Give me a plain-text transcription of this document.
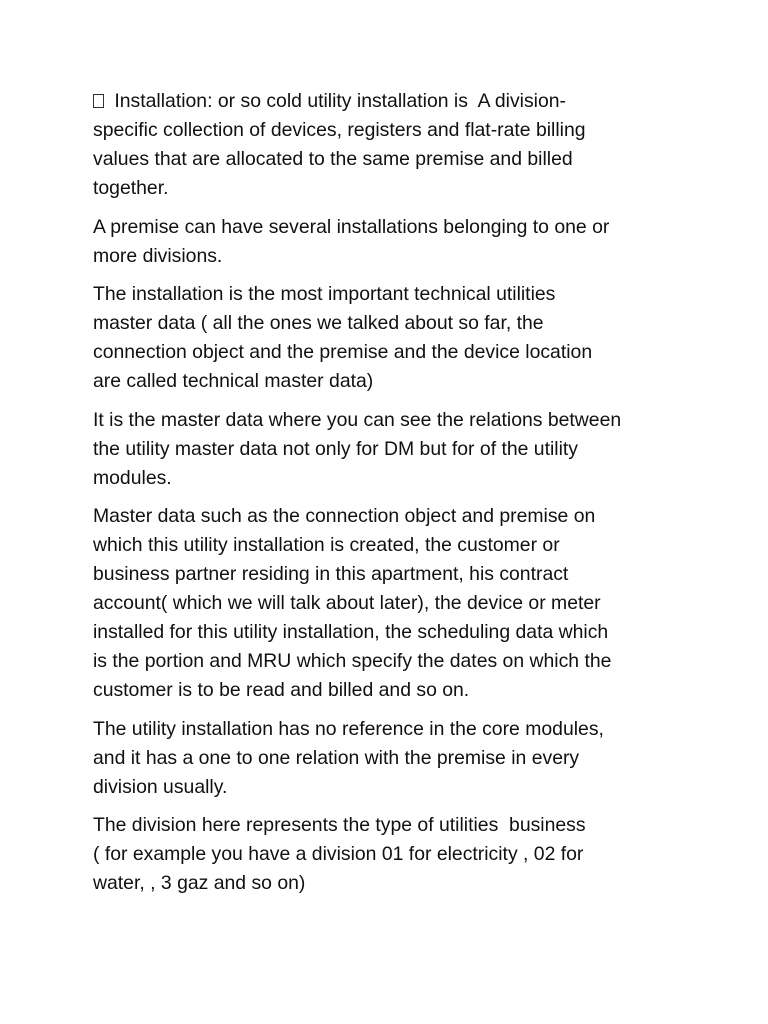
Installation: or so cold utility installation is  A division-
specific collection of devices, registers and flat-rate billing
values that are allocated to the same premise and billed
together.

A premise can have several installations belonging to one or
more divisions.

The installation is the most important technical utilities
master data ( all the ones we talked about so far, the
connection object and the premise and the device location
are called technical master data)

It is the master data where you can see the relations between
the utility master data not only for DM but for of the utility
modules.

Master data such as the connection object and premise on
which this utility installation is created, the customer or
business partner residing in this apartment, his contract
account( which we will talk about later), the device or meter
installed for this utility installation, the scheduling data which
is the portion and MRU which specify the dates on which the
customer is to be read and billed and so on.

The utility installation has no reference in the core modules,
and it has a one to one relation with the premise in every
division usually.

The division here represents the type of utilities  business
( for example you have a division 01 for electricity , 02 for
water, , 3 gaz and so on)
